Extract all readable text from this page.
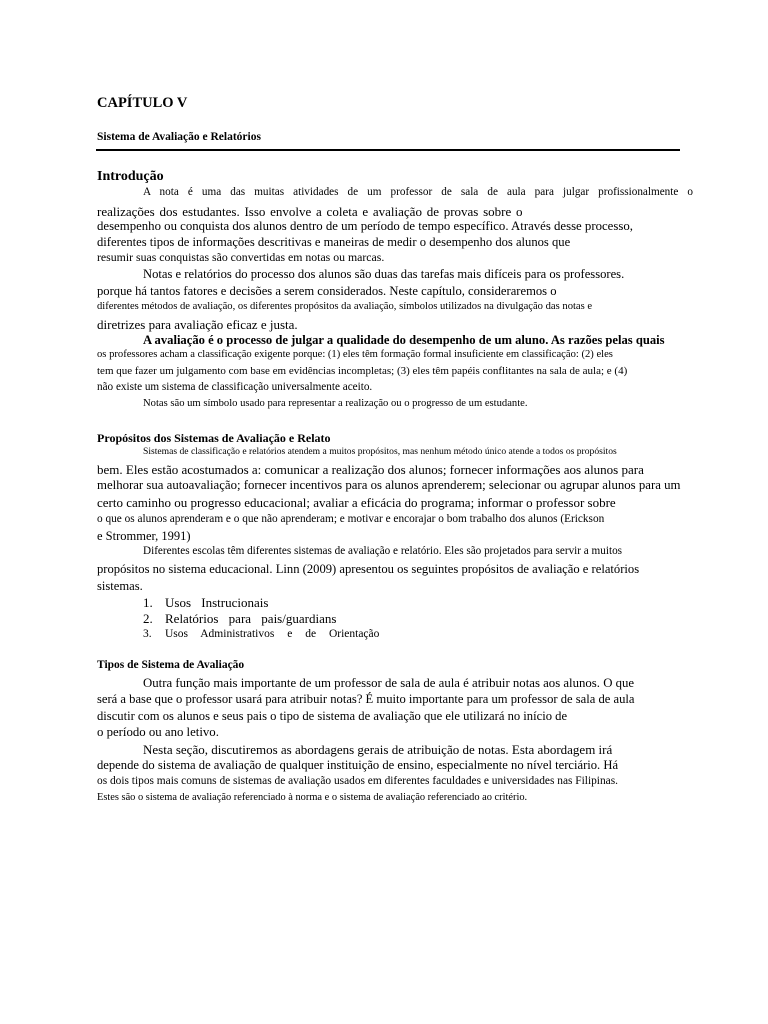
CAPÍTULO V

Sistema de Avaliação e Relatórios

Introdução

A nota é uma das muitas atividades de um professor de sala de aula para julgar profissionalmente o

realizações dos estudantes. Isso envolve a coleta e avaliação de provas sobre o

desempenho ou conquista dos alunos dentro de um período de tempo específico. Através desse processo,

diferentes tipos de informações descritivas e maneiras de medir o desempenho dos alunos que

resumir suas conquistas são convertidas em notas ou marcas.

Notas e relatórios do processo dos alunos são duas das tarefas mais difíceis para os professores.

porque há tantos fatores e decisões a serem considerados. Neste capítulo, consideraremos o

diferentes métodos de avaliação, os diferentes propósitos da avaliação, símbolos utilizados na divulgação das notas e

diretrizes para avaliação eficaz e justa.

A avaliação é o processo de julgar a qualidade do desempenho de um aluno. As razões pelas quais

os professores acham a classificação exigente porque: (1) eles têm formação formal insuficiente em classificação: (2) eles

tem que fazer um julgamento com base em evidências incompletas; (3) eles têm papéis conflitantes na sala de aula; e (4)

não existe um sistema de classificação universalmente aceito.

Notas são um símbolo usado para representar a realização ou o progresso de um estudante.

Propósitos dos Sistemas de Avaliação e Relato

Sistemas de classificação e relatórios atendem a muitos propósitos, mas nenhum método único atende a todos os propósitos

bem. Eles estão acostumados a: comunicar a realização dos alunos; fornecer informações aos alunos para

melhorar sua autoavaliação; fornecer incentivos para os alunos aprenderem; selecionar ou agrupar alunos para um

certo caminho ou progresso educacional; avaliar a eficácia do programa; informar o professor sobre

o que os alunos aprenderam e o que não aprenderam; e motivar e encorajar o bom trabalho dos alunos (Erickson

e Strommer, 1991)

Diferentes escolas têm diferentes sistemas de avaliação e relatório. Eles são projetados para servir a muitos

propósitos no sistema educacional. Linn (2009) apresentou os seguintes propósitos de avaliação e relatórios

sistemas.

1. Usos Instrucionais

2. Relatórios para pais/guardians

3. Usos Administrativos e de Orientação

Tipos de Sistema de Avaliação

Outra função mais importante de um professor de sala de aula é atribuir notas aos alunos. O que

será a base que o professor usará para atribuir notas? É muito importante para um professor de sala de aula

discutir com os alunos e seus pais o tipo de sistema de avaliação que ele utilizará no início de

o período ou ano letivo.

Nesta seção, discutiremos as abordagens gerais de atribuição de notas. Esta abordagem irá

depende do sistema de avaliação de qualquer instituição de ensino, especialmente no nível terciário. Há

os dois tipos mais comuns de sistemas de avaliação usados em diferentes faculdades e universidades nas Filipinas.

Estes são o sistema de avaliação referenciado à norma e o sistema de avaliação referenciado ao critério.
